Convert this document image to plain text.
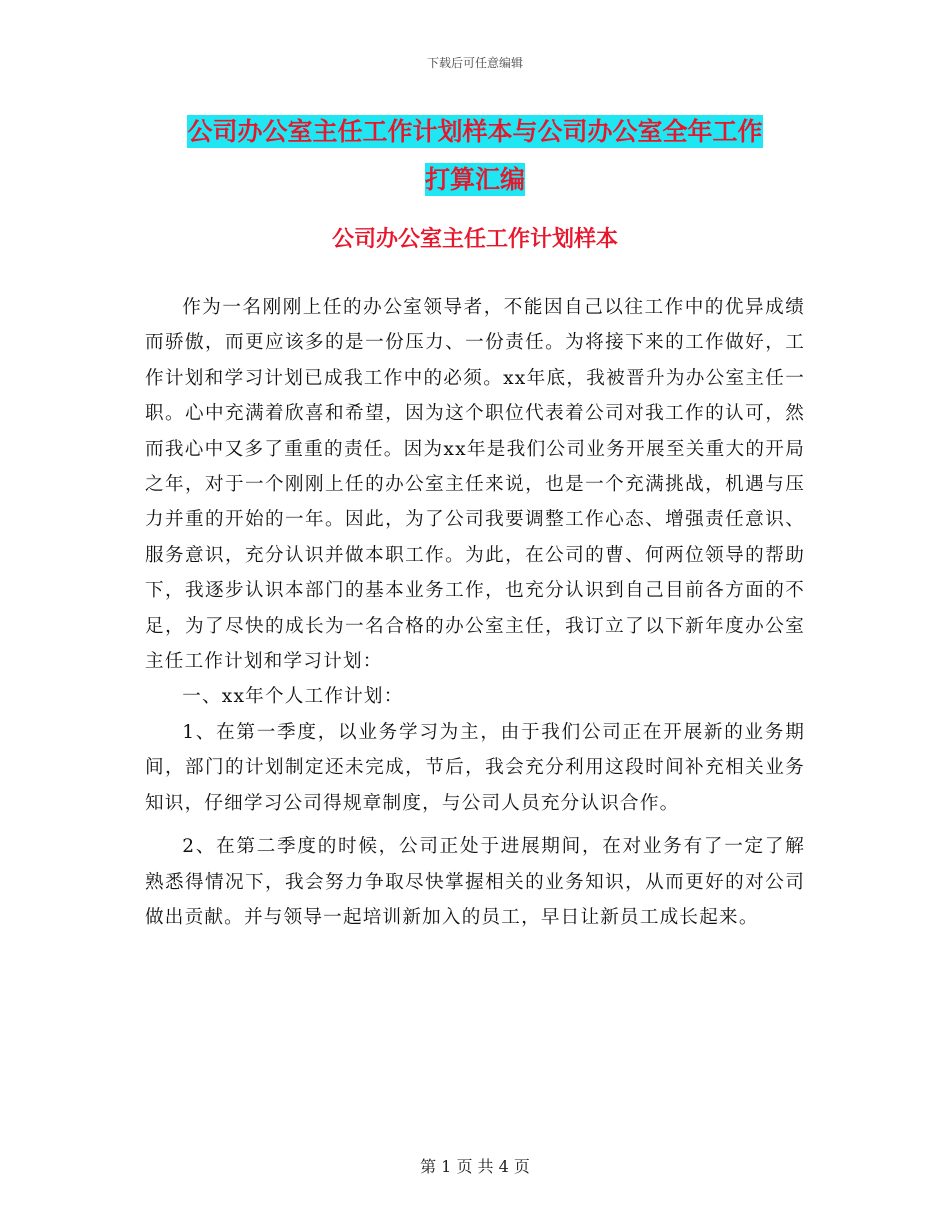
下载后可任意编辑
公司办公室主任工作计划样本与公司办公室全年工作
打算汇编
公司办公室主任工作计划样本

作为一名刚刚上任的办公室领导者，不能因自己以往工作中的优异成绩而骄傲，而更应该多的是一份压力、一份责任。为将接下来的工作做好，工作计划和学习计划已成我工作中的必须。xx年底，我被晋升为办公室主任一职。心中充满着欣喜和希望，因为这个职位代表着公司对我工作的认可，然而我心中又多了重重的责任。因为xx年是我们公司业务开展至关重大的开局之年，对于一个刚刚上任的办公室主任来说，也是一个充满挑战，机遇与压力并重的开始的一年。因此，为了公司我要调整工作心态、增强责任意识、服务意识，充分认识并做本职工作。为此，在公司的曹、何两位领导的帮助下，我逐步认识本部门的基本业务工作，也充分认识到自己目前各方面的不足，为了尽快的成长为一名合格的办公室主任，我订立了以下新年度办公室主任工作计划和学习计划：

一、xx年个人工作计划：

1、在第一季度，以业务学习为主，由于我们公司正在开展新的业务期间，部门的计划制定还未完成，节后，我会充分利用这段时间补充相关业务知识，仔细学习公司得规章制度，与公司人员充分认识合作。

2、在第二季度的时候，公司正处于进展期间，在对业务有了一定了解熟悉得情况下，我会努力争取尽快掌握相关的业务知识，从而更好的对公司做出贡献。并与领导一起培训新加入的员工，早日让新员工成长起来。

第 1 页 共 4 页
